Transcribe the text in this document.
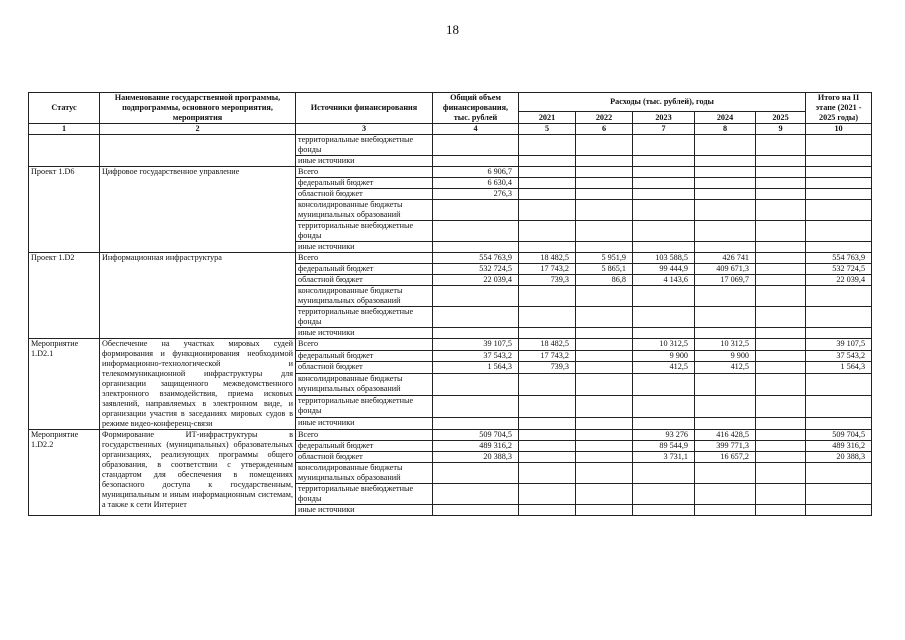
18
Статус	Наименование государственной программы, подпрограммы, основного мероприятия, мероприятия	Источники финансирования	Общий объем финансирования, тыс. рублей	Расходы (тыс. рублей), годы					Итого на II этапе (2021 - 2025 годы)
				2021	2022	2023	2024	2025	
1	2	3	4	5	6	7	8	9	10
		территориальные внебюджетные фонды							
		иные источники							
Проект 1.D6	Цифровое государственное управление	Всего	6 906,7						
		федеральный бюджет	6 630,4						
		областной бюджет	276,3						
		консолидированные бюджеты муниципальных образований							
		территориальные внебюджетные фонды							
		иные источники							
Проект 1.D2	Информационная инфраструктура	Всего	554 763,9	18 482,5	5 951,9	103 588,5	426 741		554 763,9
		федеральный бюджет	532 724,5	17 743,2	5 865,1	99 444,9	409 671,3		532 724,5
		областной бюджет	22 039,4	739,3	86,8	4 143,6	17 069,7		22 039,4
		консолидированные бюджеты муниципальных образований							
		территориальные внебюджетные фонды							
		иные источники							
Мероприятие 1.D2.1	Обеспечение на участках мировых судей формирования и функционирования необходимой информационно-технологической и телекоммуникационной инфраструктуры для организации защищенного межведомственного электронного взаимодействия, приема исковых заявлений, направляемых в электронном виде, и организации участия в заседаниях мировых судов в режиме видео-конференц-связи	Всего	39 107,5	18 482,5		10 312,5	10 312,5		39 107,5
		федеральный бюджет	37 543,2	17 743,2		9 900	9 900		37 543,2
		областной бюджет	1 564,3	739,3		412,5	412,5		1 564,3
		консолидированные бюджеты муниципальных образований							
		территориальные внебюджетные фонды							
		иные источники							
Мероприятие 1.D2.2	Формирование ИТ-инфраструктуры в государственных (муниципальных) образовательных организациях, реализующих программы общего образования, в соответствии с утвержденным стандартом для обеспечения в помещениях безопасного доступа к государственным, муниципальным и иным информационным системам, а также к сети Интернет	Всего	509 704,5			93 276	416 428,5		509 704,5
		федеральный бюджет	489 316,2			89 544,9	399 771,3		489 316,2
		областной бюджет	20 388,3			3 731,1	16 657,2		20 388,3
		консолидированные бюджеты муниципальных образований							
		территориальные внебюджетные фонды							
		иные источники							
